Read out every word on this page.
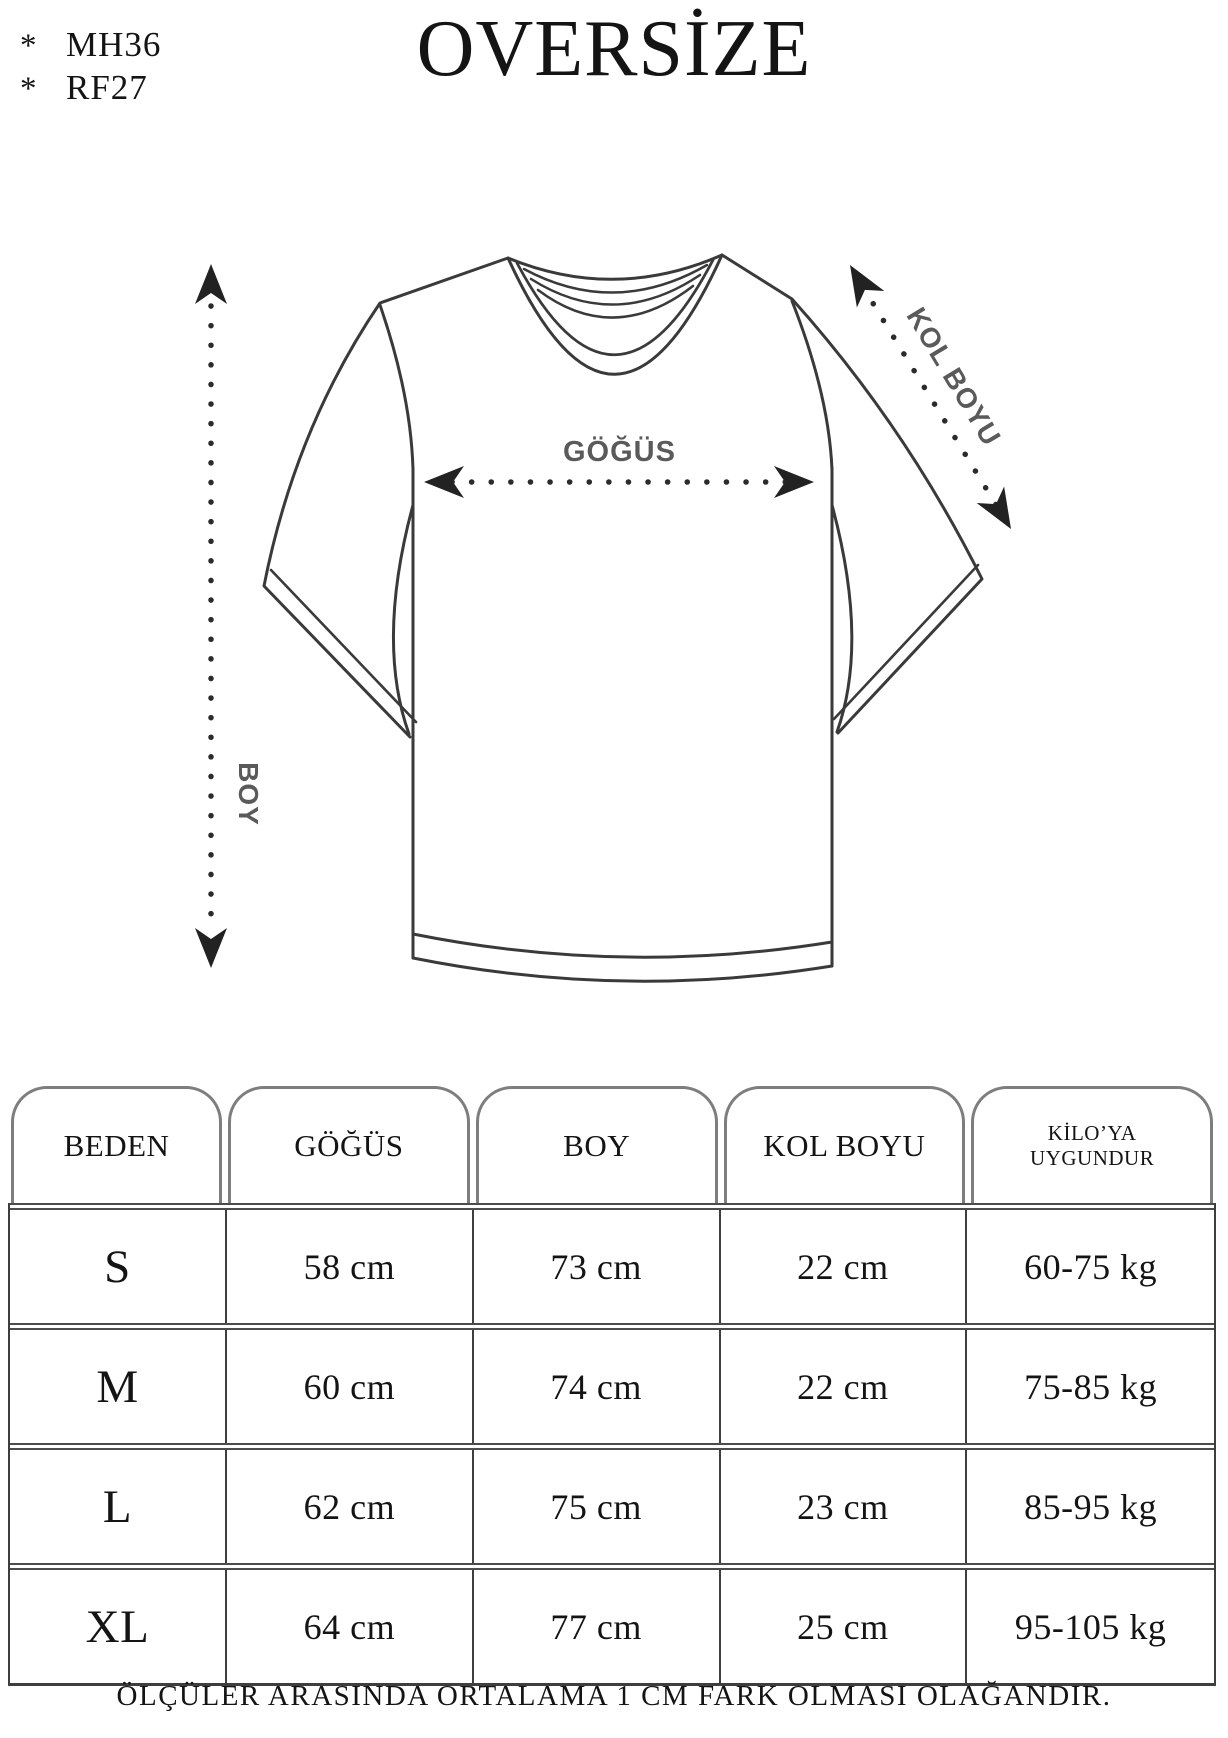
* MH36
* RF27	OVERSİZE
GÖĞÜS
BOY
KOL BOYU
BEDEN	GÖĞÜS	BOY	KOL BOYU	KİLO’YA UYGUNDUR
S	58 cm	73 cm	22 cm	60-75 kg
M	60 cm	74 cm	22 cm	75-85 kg
L	62 cm	75 cm	23 cm	85-95 kg
XL	64 cm	77 cm	25 cm	95-105 kg
ÖLÇÜLER ARASINDA ORTALAMA 1 CM FARK OLMASI OLAĞANDIR.
